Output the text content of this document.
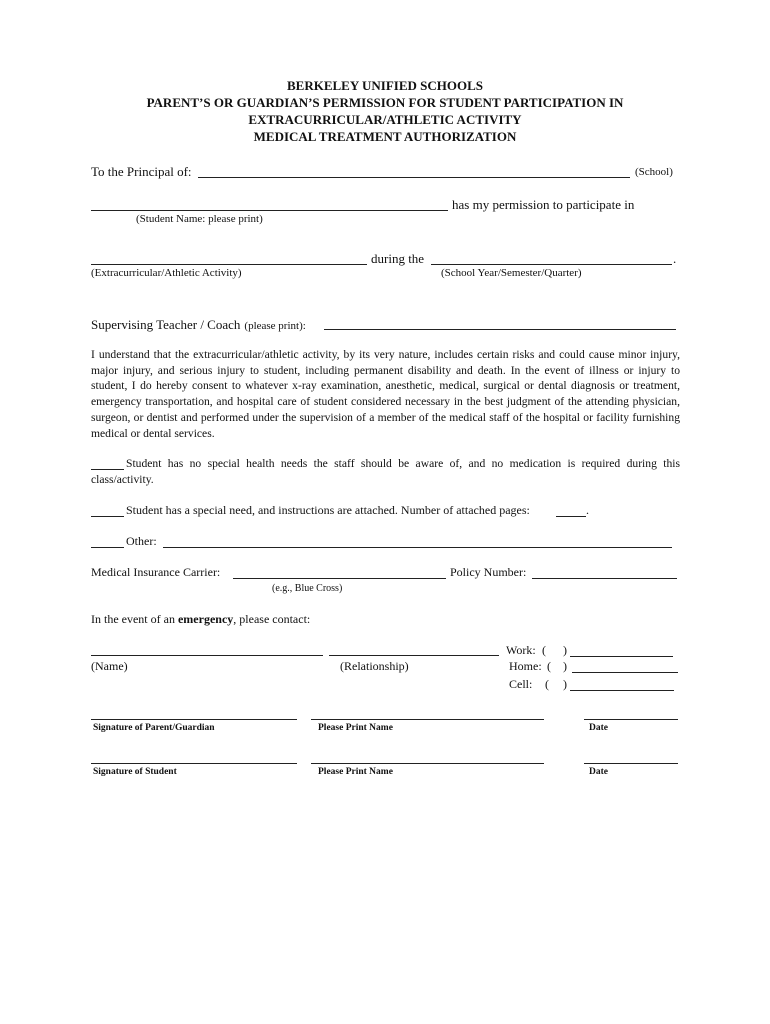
BERKELEY UNIFIED SCHOOLS
PARENT’S OR GUARDIAN’S PERMISSION FOR STUDENT PARTICIPATION IN
EXTRACURRICULAR/ATHLETIC ACTIVITY
MEDICAL TREATMENT AUTHORIZATION
To the Principal of:	(School)
has my permission to participate in
(Student Name: please print)
during the	.
(Extracurricular/Athletic Activity)	(School Year/Semester/Quarter)
Supervising Teacher / Coach (please print):
I understand that the extracurricular/athletic activity, by its very nature, includes certain risks and could cause minor injury, major injury, and serious injury to student, including permanent disability and death. In the event of illness or injury to student, I do hereby consent to whatever x-ray examination, anesthetic, medical, surgical or dental diagnosis or treatment, emergency transportation, and hospital care of student considered necessary in the best judgment of the attending physician, surgeon, or dentist and performed under the supervision of a member of the medical staff of the hospital or facility furnishing medical or dental services.
Student has no special health needs the staff should be aware of, and no medication is required during this class/activity.
Student has a special need, and instructions are attached. Number of attached pages:	.
Other:
Medical Insurance Carrier:	Policy Number:
(e.g., Blue Cross)
In the event of an emergency, please contact:
(Name)	(Relationship)
Work: ( )
Home: ( )
Cell: ( )
Signature of Parent/Guardian	Please Print Name	Date
Signature of Student	Please Print Name	Date
